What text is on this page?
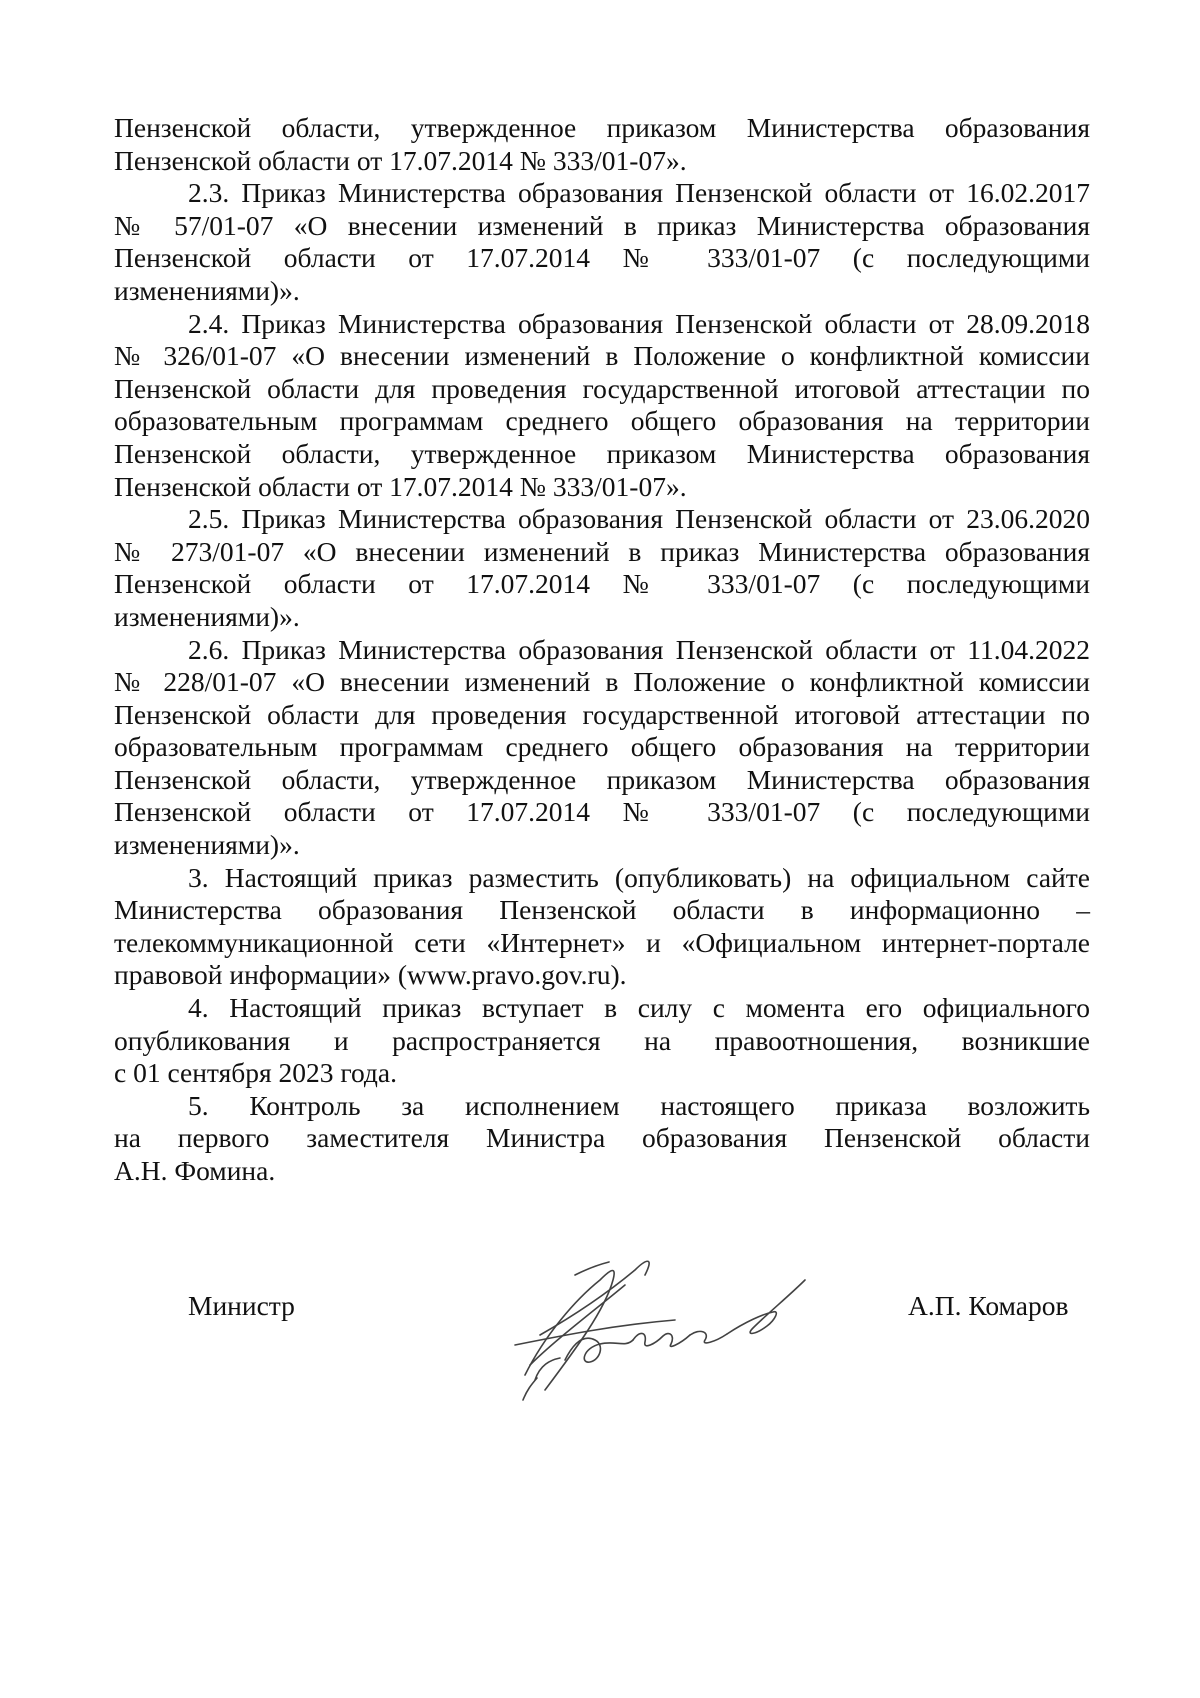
Пензенской области, утвержденное приказом Министерства образования
Пензенской области от 17.07.2014 № 333/01-07».
2.3. Приказ Министерства образования Пензенской области от 16.02.2017
№ 57/01-07 «О внесении изменений в приказ Министерства образования
Пензенской области от 17.07.2014 № 333/01-07 (с последующими
изменениями)».
2.4. Приказ Министерства образования Пензенской области от 28.09.2018
№ 326/01-07 «О внесении изменений в Положение о конфликтной комиссии
Пензенской области для проведения государственной итоговой аттестации по
образовательным программам среднего общего образования на территории
Пензенской области, утвержденное приказом Министерства образования
Пензенской области от 17.07.2014 № 333/01-07».
2.5. Приказ Министерства образования Пензенской области от 23.06.2020
№ 273/01-07 «О внесении изменений в приказ Министерства образования
Пензенской области от 17.07.2014 № 333/01-07 (с последующими
изменениями)».
2.6. Приказ Министерства образования Пензенской области от 11.04.2022
№ 228/01-07 «О внесении изменений в Положение о конфликтной комиссии
Пензенской области для проведения государственной итоговой аттестации по
образовательным программам среднего общего образования на территории
Пензенской области, утвержденное приказом Министерства образования
Пензенской области от 17.07.2014 № 333/01-07 (с последующими
изменениями)».
3. Настоящий приказ разместить (опубликовать) на официальном сайте
Министерства образования Пензенской области в информационно –
телекоммуникационной сети «Интернет» и «Официальном интернет-портале
правовой информации» (www.pravo.gov.ru).
4. Настоящий приказ вступает в силу с момента его официального
опубликования и распространяется на правоотношения, возникшие
с 01 сентября 2023 года.
5. Контроль за исполнением настоящего приказа возложить
на первого заместителя Министра образования Пензенской области
А.Н. Фомина.
Министр	А.П. Комаров
